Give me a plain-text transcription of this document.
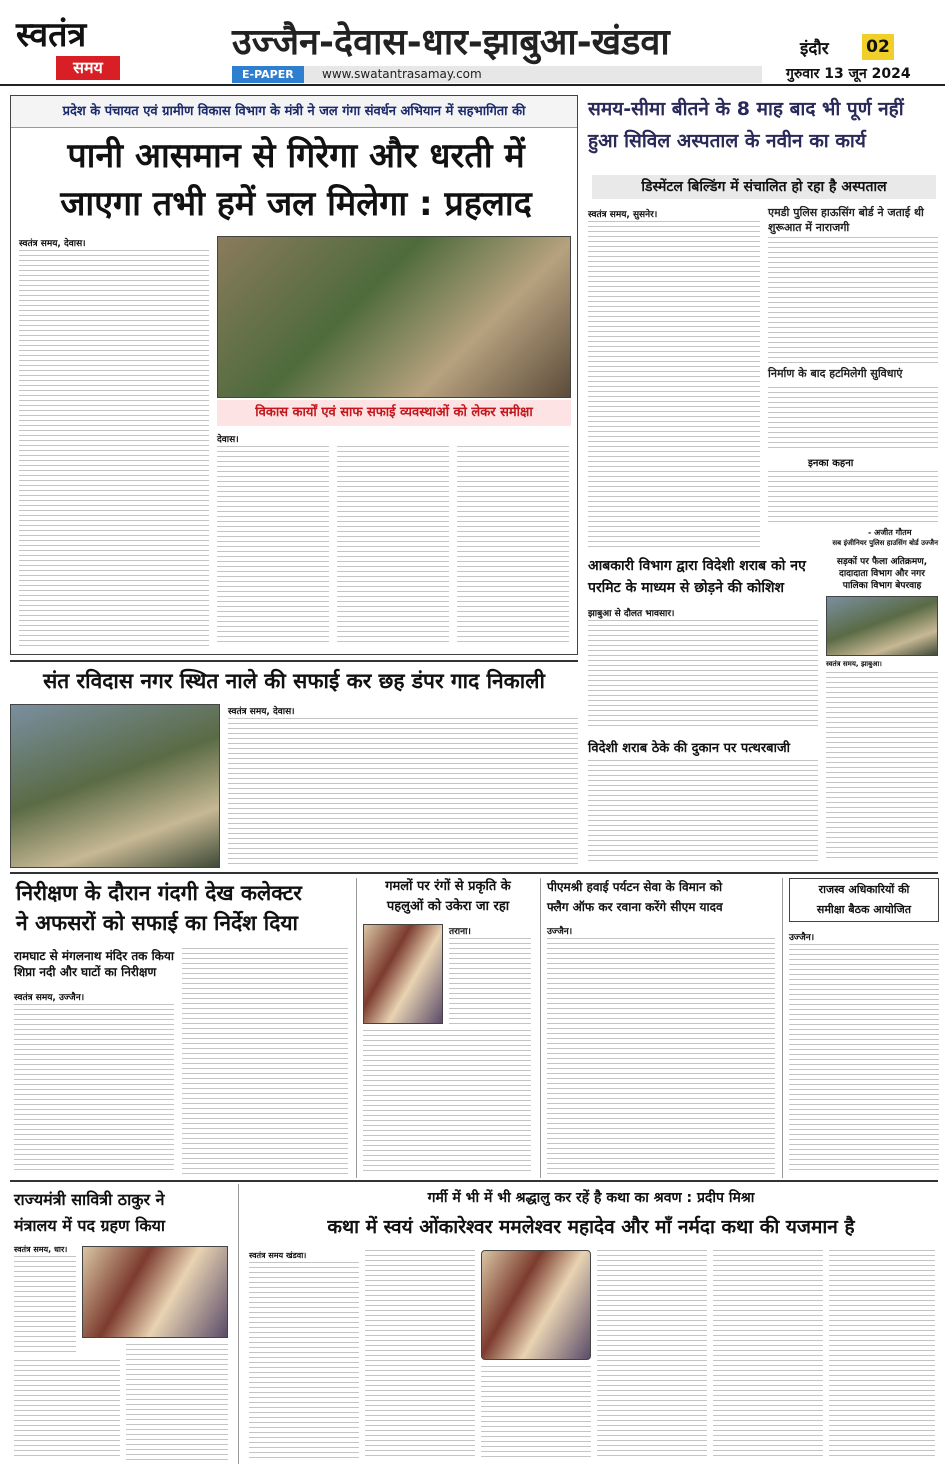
स्वतंत्र
समय
उज्जैन-देवास-धार-झाबुआ-खंडवा
E-PAPER	www.swatantrasamay.com
इंदौर 02
गुरुवार 13 जून 2024
प्रदेश के पंचायत एवं ग्रामीण विकास विभाग के मंत्री ने जल गंगा संवर्धन अभियान में सहभागिता की
पानी आसमान से गिरेगा और धरती में
जाएगा तभी हमें जल मिलेगा : प्रहलाद
स्वतंत्र समय, देवास।
विकास कार्यों एवं साफ सफाई व्यवस्थाओं को लेकर समीक्षा
देवास।
समय-सीमा बीतने के 8 माह बाद भी पूर्ण नहीं
हुआ सिविल अस्पताल के नवीन का कार्य
डिस्मेंटल बिल्डिंग में संचालित हो रहा है अस्पताल
स्वतंत्र समय, सुसनेर।	एमडी पुलिस हाऊसिंग बोर्ड ने जताई थी शुरूआत में नाराजगी
निर्माण के बाद हटमिलेगी सुविधाएं
इनका कहना
- अजीत गौतम
सब इंजीनियर पुलिस हाउसिंग बोर्ड उज्जैन
आबकारी विभाग द्वारा विदेशी शराब को नए
परमिट के माध्यम से छोड़ने की कोशिश
झाबुआ से दौलत भावसार।
विदेशी शराब ठेके की दुकान पर पत्थरबाजी
सड़कों पर फैला अतिक्रमण, दादादाता विभाग और नगर पालिका विभाग बेपरवाह
स्वतंत्र समय, झाबुआ।
संत रविदास नगर स्थित नाले की सफाई कर छह डंपर गाद निकाली
स्वतंत्र समय, देवास।
निरीक्षण के दौरान गंदगी देख कलेक्टर
ने अफसरों को सफाई का निर्देश दिया
रामघाट से मंगलनाथ मंदिर तक किया
शिप्रा नदी और घाटों का निरीक्षण
स्वतंत्र समय, उज्जैन।
गमलों पर रंगों से प्रकृति के
पहलुओं को उकेरा जा रहा
तराना।
पीएमश्री हवाई पर्यटन सेवा के विमान को
फ्लैग ऑफ कर रवाना करेंगे सीएम यादव
उज्जैन।
राजस्व अधिकारियों की
समीक्षा बैठक आयोजित
उज्जैन।
राज्यमंत्री सावित्री ठाकुर ने
मंत्रालय में पद ग्रहण किया
स्वतंत्र समय, धार।
गर्मी में भी में भी श्रद्धालु कर रहें है कथा का श्रवण : प्रदीप मिश्रा
कथा में स्वयं ओंकारेश्वर ममलेश्वर महादेव और माँ नर्मदा कथा की यजमान है
स्वतंत्र समय खंडवा।
